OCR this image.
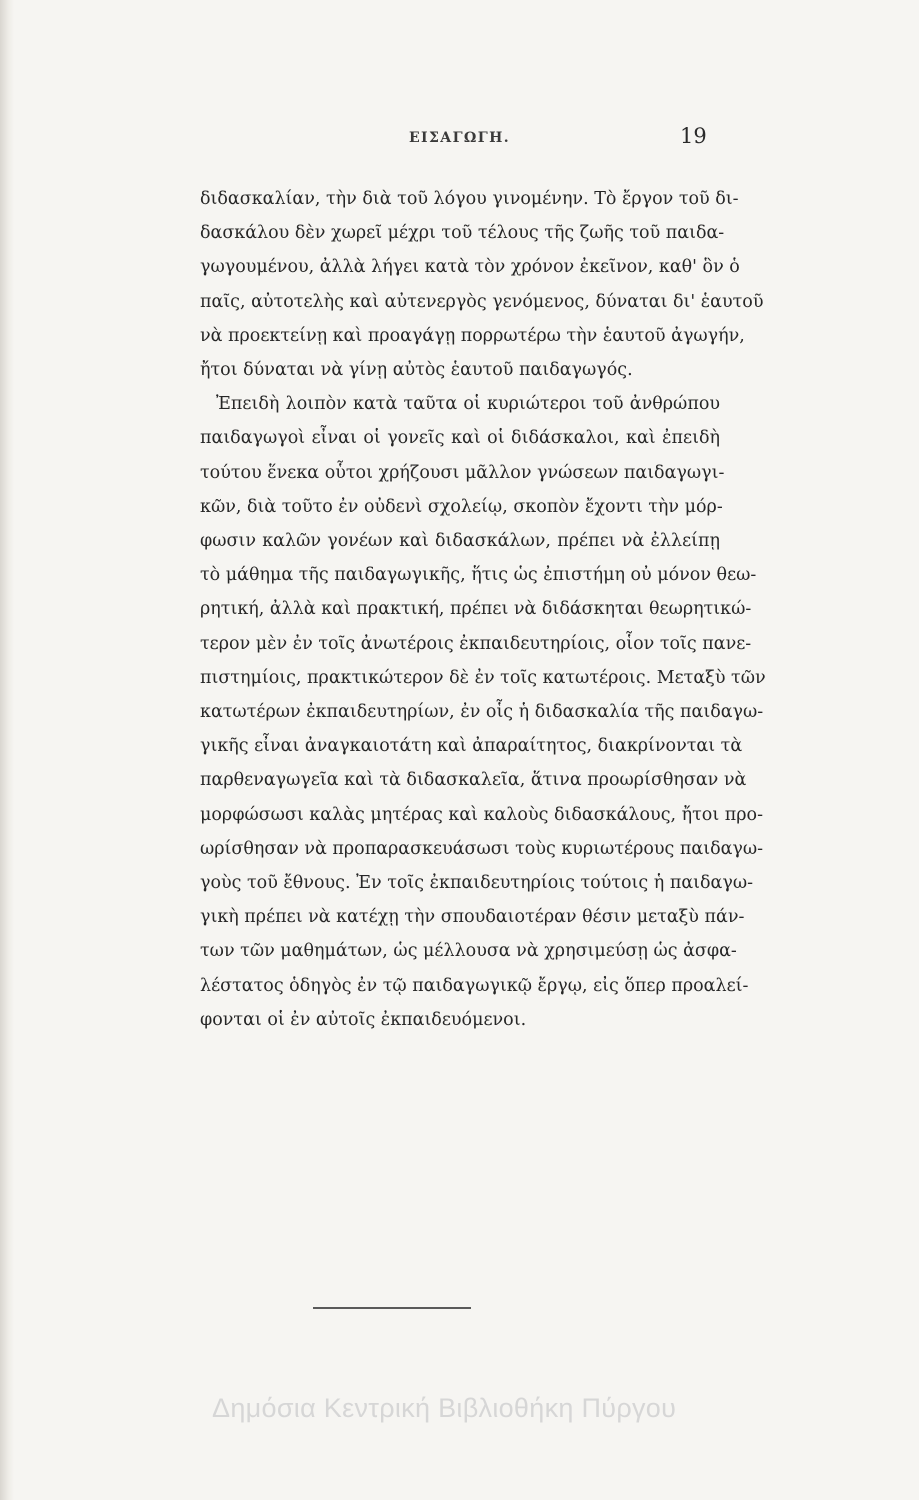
ΕΙΣΑΓΩΓΗ.	19
διδασκαλίαν, τὴν διὰ τοῦ λόγου γινομένην. Τὸ ἔργον τοῦ δι-
δασκάλου δὲν χωρεῖ μέχρι τοῦ τέλους τῆς ζωῆς τοῦ παιδα-
γωγουμένου, ἀλλὰ λήγει κατὰ τὸν χρόνον ἐκεῖνον, καθ' ὃν ὁ
παῖς, αὐτοτελὴς καὶ αὐτενεργὸς γενόμενος, δύναται δι' ἑαυτοῦ
νὰ προεκτείνῃ καὶ προαγάγῃ πορρωτέρω τὴν ἑαυτοῦ ἀγωγήν,
ἤτοι δύναται νὰ γίνῃ αὐτὸς ἑαυτοῦ παιδαγωγός.
Ἐπειδὴ λοιπὸν κατὰ ταῦτα οἱ κυριώτεροι τοῦ ἀνθρώπου
παιδαγωγοὶ εἶναι οἱ γονεῖς καὶ οἱ διδάσκαλοι, καὶ ἐπειδὴ
τούτου ἕνεκα οὗτοι χρήζουσι μᾶλλον γνώσεων παιδαγωγι-
κῶν, διὰ τοῦτο ἐν οὐδενὶ σχολείῳ, σκοπὸν ἔχοντι τὴν μόρ-
φωσιν καλῶν γονέων καὶ διδασκάλων, πρέπει νὰ ἐλλείπῃ
τὸ μάθημα τῆς παιδαγωγικῆς, ἥτις ὡς ἐπιστήμη οὐ μόνον θεω-
ρητική, ἀλλὰ καὶ πρακτική, πρέπει νὰ διδάσκηται θεωρητικώ-
τερον μὲν ἐν τοῖς ἀνωτέροις ἐκπαιδευτηρίοις, οἷον τοῖς πανε-
πιστημίοις, πρακτικώτερον δὲ ἐν τοῖς κατωτέροις. Μεταξὺ τῶν
κατωτέρων ἐκπαιδευτηρίων, ἐν οἷς ἡ διδασκαλία τῆς παιδαγω-
γικῆς εἶναι ἀναγκαιοτάτη καὶ ἀπαραίτητος, διακρίνονται τὰ
παρθεναγωγεῖα καὶ τὰ διδασκαλεῖα, ἅτινα προωρίσθησαν νὰ
μορφώσωσι καλὰς μητέρας καὶ καλοὺς διδασκάλους, ἤτοι προ-
ωρίσθησαν νὰ προπαρασκευάσωσι τοὺς κυριωτέρους παιδαγω-
γοὺς τοῦ ἔθνους. Ἐν τοῖς ἐκπαιδευτηρίοις τούτοις ἡ παιδαγω-
γικὴ πρέπει νὰ κατέχῃ τὴν σπουδαιοτέραν θέσιν μεταξὺ πάν-
των τῶν μαθημάτων, ὡς μέλλουσα νὰ χρησιμεύσῃ ὡς ἀσφα-
λέστατος ὁδηγὸς ἐν τῷ παιδαγωγικῷ ἔργῳ, εἰς ὅπερ προαλεί-
φονται οἱ ἐν αὐτοῖς ἐκπαιδευόμενοι.
Δημόσια Κεντρική Βιβλιοθήκη Πύργου
